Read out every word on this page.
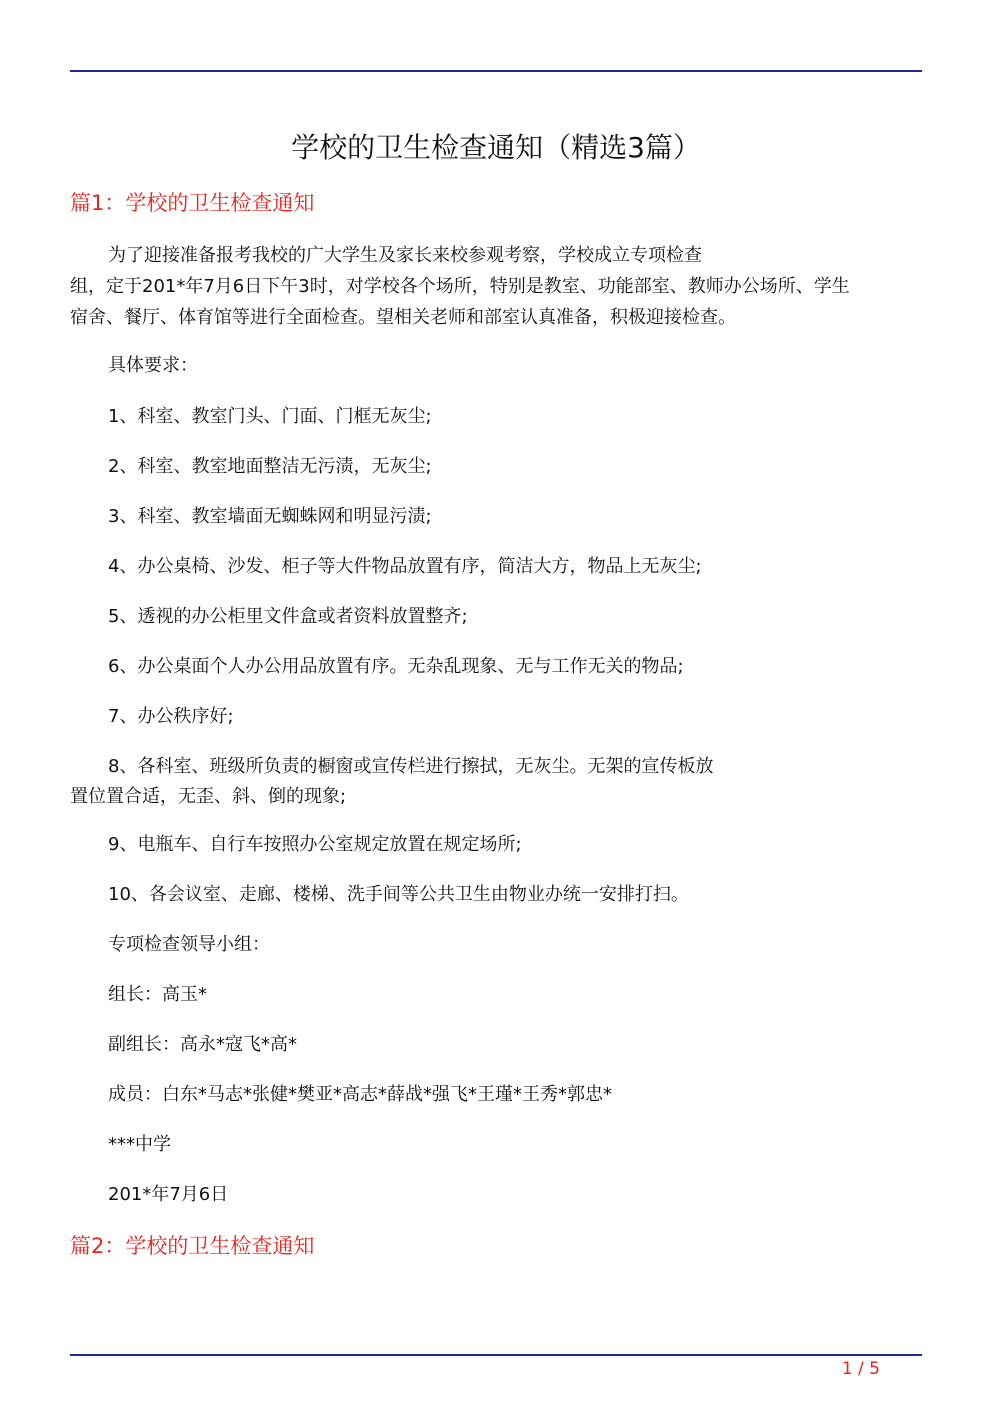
学校的卫生检查通知（精选3篇）
篇1：学校的卫生检查通知
为了迎接准备报考我校的广大学生及家长来校参观考察，学校成立专项检查
组，定于201*年7月6日下午3时，对学校各个场所，特别是教室、功能部室、教师办公场所、学生
宿舍、餐厅、体育馆等进行全面检查。望相关老师和部室认真准备，积极迎接检查。
具体要求：
1、科室、教室门头、门面、门框无灰尘;
2、科室、教室地面整洁无污渍，无灰尘;
3、科室、教室墙面无蜘蛛网和明显污渍;
4、办公桌椅、沙发、柜子等大件物品放置有序，简洁大方，物品上无灰尘;
5、透视的办公柜里文件盒或者资料放置整齐;
6、办公桌面个人办公用品放置有序。无杂乱现象、无与工作无关的物品;
7、办公秩序好;
8、各科室、班级所负责的橱窗或宣传栏进行擦拭，无灰尘。无架的宣传板放
置位置合适，无歪、斜、倒的现象;
9、电瓶车、自行车按照办公室规定放置在规定场所;
10、各会议室、走廊、楼梯、洗手间等公共卫生由物业办统一安排打扫。
专项检查领导小组：
组长：高玉*
副组长：高永*寇飞*高*
成员：白东*马志*张健*樊亚*高志*薛战*强飞*王瑾*王秀*郭忠*
***中学
201*年7月6日
篇2：学校的卫生检查通知
1 / 5
